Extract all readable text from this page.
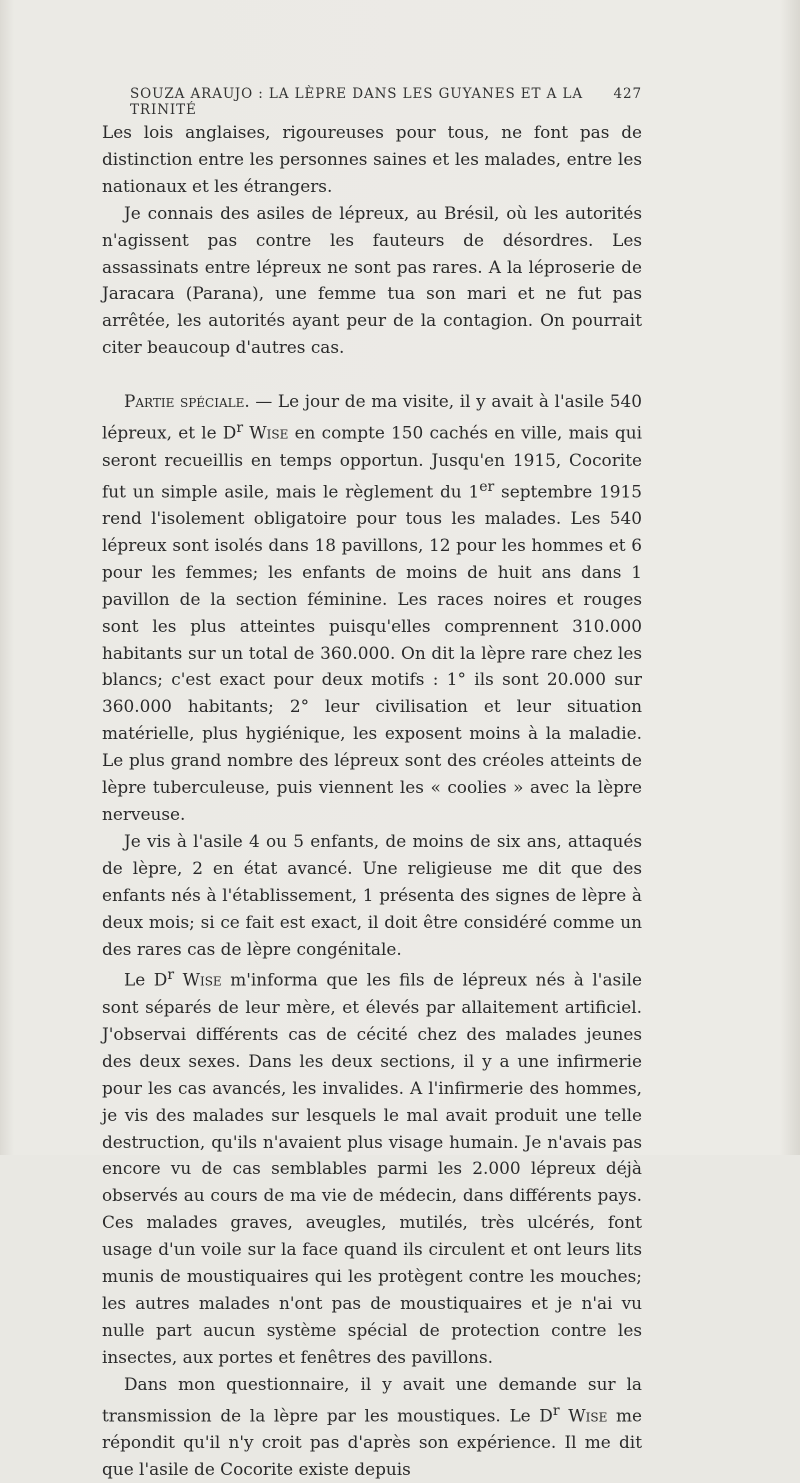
SOUZA ARAUJO : LA LÈPRE DANS LES GUYANES ET A LA TRINITÉ
427

Les lois anglaises, rigoureuses pour tous, ne font pas de distinction entre les personnes saines et les malades, entre les nationaux et les étrangers.

Je connais des asiles de lépreux, au Brésil, où les autorités n'agissent pas contre les fauteurs de désordres. Les assassinats entre lépreux ne sont pas rares. A la léproserie de Jaracara (Parana), une femme tua son mari et ne fut pas arrêtée, les autorités ayant peur de la contagion. On pourrait citer beaucoup d'autres cas.

Partie spéciale. — Le jour de ma visite, il y avait à l'asile 540 lépreux, et le $D^r$ Wise en compte 150 cachés en ville, mais qui seront recueillis en temps opportun. Jusqu'en 1915, Cocorite fut un simple asile, mais le règlement du 1er septembre 1915 rend l'isolement obligatoire pour tous les malades. Les 540 lépreux sont isolés dans 18 pavillons, 12 pour les hommes et 6 pour les femmes; les enfants de moins de huit ans dans 1 pavillon de la section féminine. Les races noires et rouges sont les plus atteintes puisqu'elles comprennent 310.000 habitants sur un total de 360.000. On dit la lèpre rare chez les blancs; c'est exact pour deux motifs : 1° ils sont 20.000 sur 360.000 habitants; 2° leur civilisation et leur situation matérielle, plus hygiénique, les exposent moins à la maladie. Le plus grand nombre des lépreux sont des créoles atteints de lèpre tuberculeuse, puis viennent les « coolies » avec la lèpre nerveuse.

Je vis à l'asile 4 ou 5 enfants, de moins de six ans, attaqués de lèpre, 2 en état avancé. Une religieuse me dit que des enfants nés à l'établissement, 1 présenta des signes de lèpre à deux mois; si ce fait est exact, il doit être considéré comme un des rares cas de lèpre congénitale.

Le $D^r$ Wise m'informa que les fils de lépreux nés à l'asile sont séparés de leur mère, et élevés par allaitement artificiel. J'observai différents cas de cécité chez des malades jeunes des deux sexes. Dans les deux sections, il y a une infirmerie pour les cas avancés, les invalides. A l'infirmerie des hommes, je vis des malades sur lesquels le mal avait produit une telle destruction, qu'ils n'avaient plus visage humain. Je n'avais pas encore vu de cas semblables parmi les 2.000 lépreux déjà observés au cours de ma vie de médecin, dans différents pays. Ces malades graves, aveugles, mutilés, très ulcérés, font usage d'un voile sur la face quand ils circulent et ont leurs lits munis de moustiquaires qui les protègent contre les mouches; les autres malades n'ont pas de moustiquaires et je n'ai vu nulle part aucun système spécial de protection contre les insectes, aux portes et fenêtres des pavillons.

Dans mon questionnaire, il y avait une demande sur la transmission de la lèpre par les moustiques. Le $D^r$ Wise me répondit qu'il n'y croit pas d'après son expérience. Il me dit que l'asile de Cocorite existe depuis
